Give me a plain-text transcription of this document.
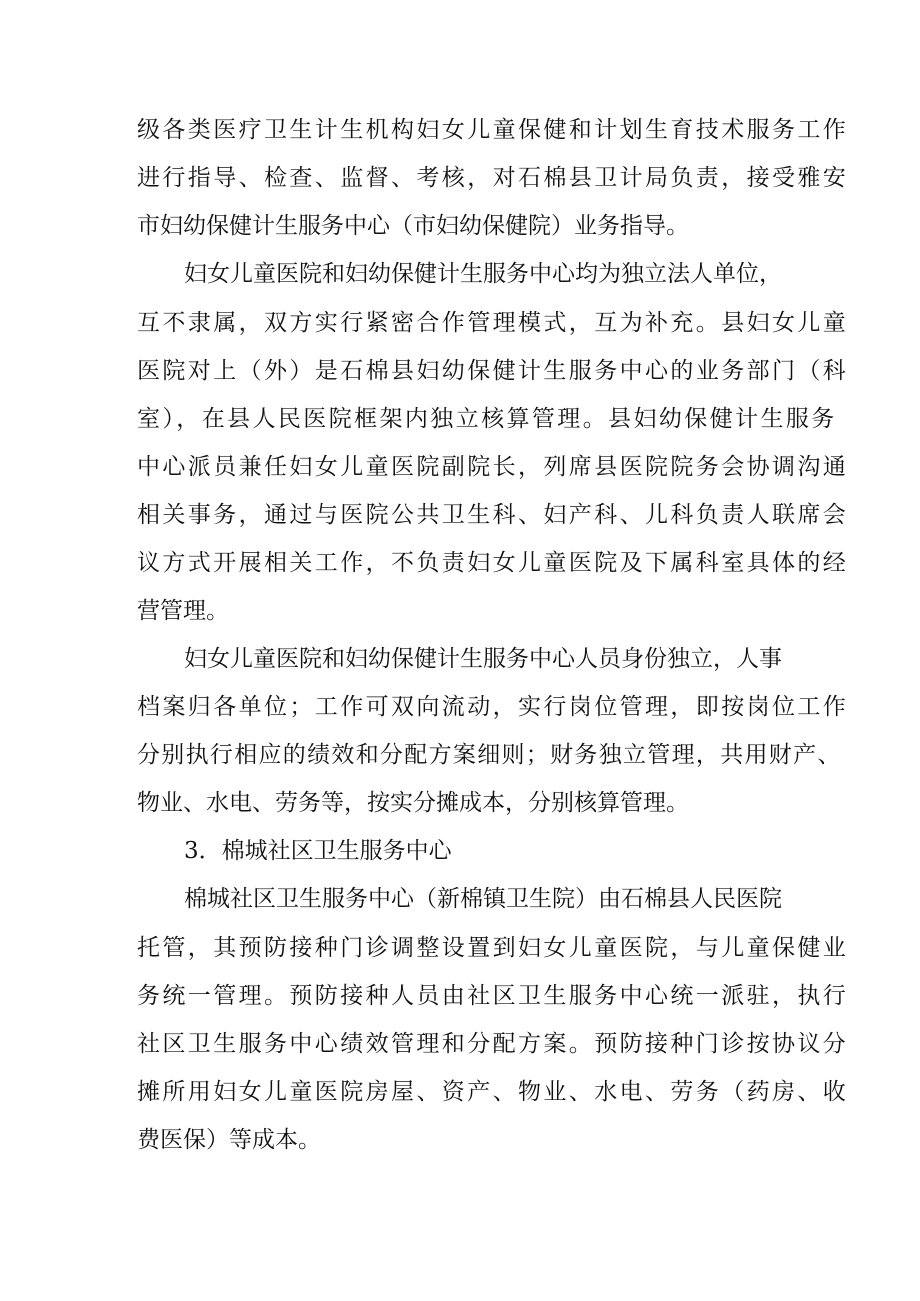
级各类医疗卫生计生机构妇女儿童保健和计划生育技术服务工作
进行指导、检查、监督、考核，对石棉县卫计局负责，接受雅安
市妇幼保健计生服务中心（市妇幼保健院）业务指导。
妇女儿童医院和妇幼保健计生服务中心均为独立法人单位，
互不隶属，双方实行紧密合作管理模式，互为补充。县妇女儿童
医院对上（外）是石棉县妇幼保健计生服务中心的业务部门（科
室），在县人民医院框架内独立核算管理。县妇幼保健计生服务
中心派员兼任妇女儿童医院副院长，列席县医院院务会协调沟通
相关事务，通过与医院公共卫生科、妇产科、儿科负责人联席会
议方式开展相关工作，不负责妇女儿童医院及下属科室具体的经
营管理。
妇女儿童医院和妇幼保健计生服务中心人员身份独立，人事
档案归各单位；工作可双向流动，实行岗位管理，即按岗位工作
分别执行相应的绩效和分配方案细则；财务独立管理，共用财产、
物业、水电、劳务等，按实分摊成本，分别核算管理。
3．棉城社区卫生服务中心
棉城社区卫生服务中心（新棉镇卫生院）由石棉县人民医院
托管，其预防接种门诊调整设置到妇女儿童医院，与儿童保健业
务统一管理。预防接种人员由社区卫生服务中心统一派驻，执行
社区卫生服务中心绩效管理和分配方案。预防接种门诊按协议分
摊所用妇女儿童医院房屋、资产、物业、水电、劳务（药房、收
费医保）等成本。
